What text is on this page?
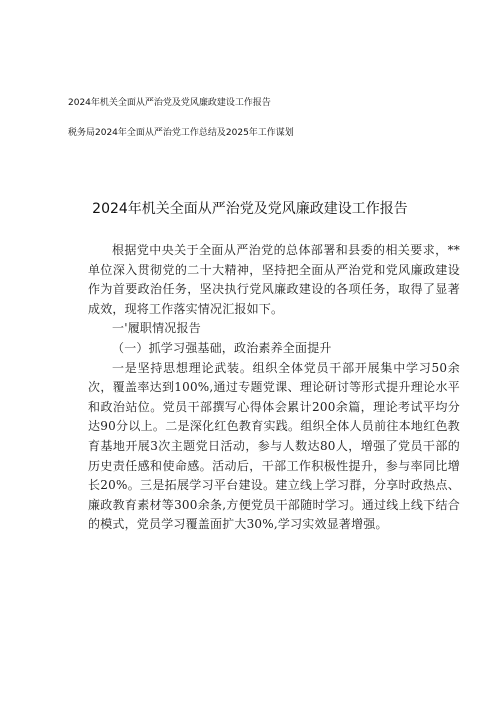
2024年机关全面从严治党及党风廉政建设工作报告
税务局2024年全面从严治党工作总结及2025年工作谋划
2024年机关全面从严治党及党风廉政建设工作报告

根据党中央关于全面从严治党的总体部署和县委的相关要求，**单位深入贯彻党的二十大精神，坚持把全面从严治党和党风廉政建设作为首要政治任务，坚决执行党风廉政建设的各项任务，取得了显著成效，现将工作落实情况汇报如下。

一'履职情况报告

（一）抓学习强基础，政治素养全面提升

一是坚持思想理论武装。组织全体党员干部开展集中学习50余次，覆盖率达到100%,通过专题党课、理论研讨等形式提升理论水平和政治站位。党员干部撰写心得体会累计200余篇，理论考试平均分达90分以上。二是深化红色教育实践。组织全体人员前往本地红色教育基地开展3次主题党日活动，参与人数达80人，增强了党员干部的历史责任感和使命感。活动后，干部工作积极性提升，参与率同比增长20%。三是拓展学习平台建设。建立线上学习群，分享时政热点、廉政教育素材等300余条,方便党员干部随时学习。通过线上线下结合的模式，党员学习覆盖面扩大30%,学习实效显著增强。
